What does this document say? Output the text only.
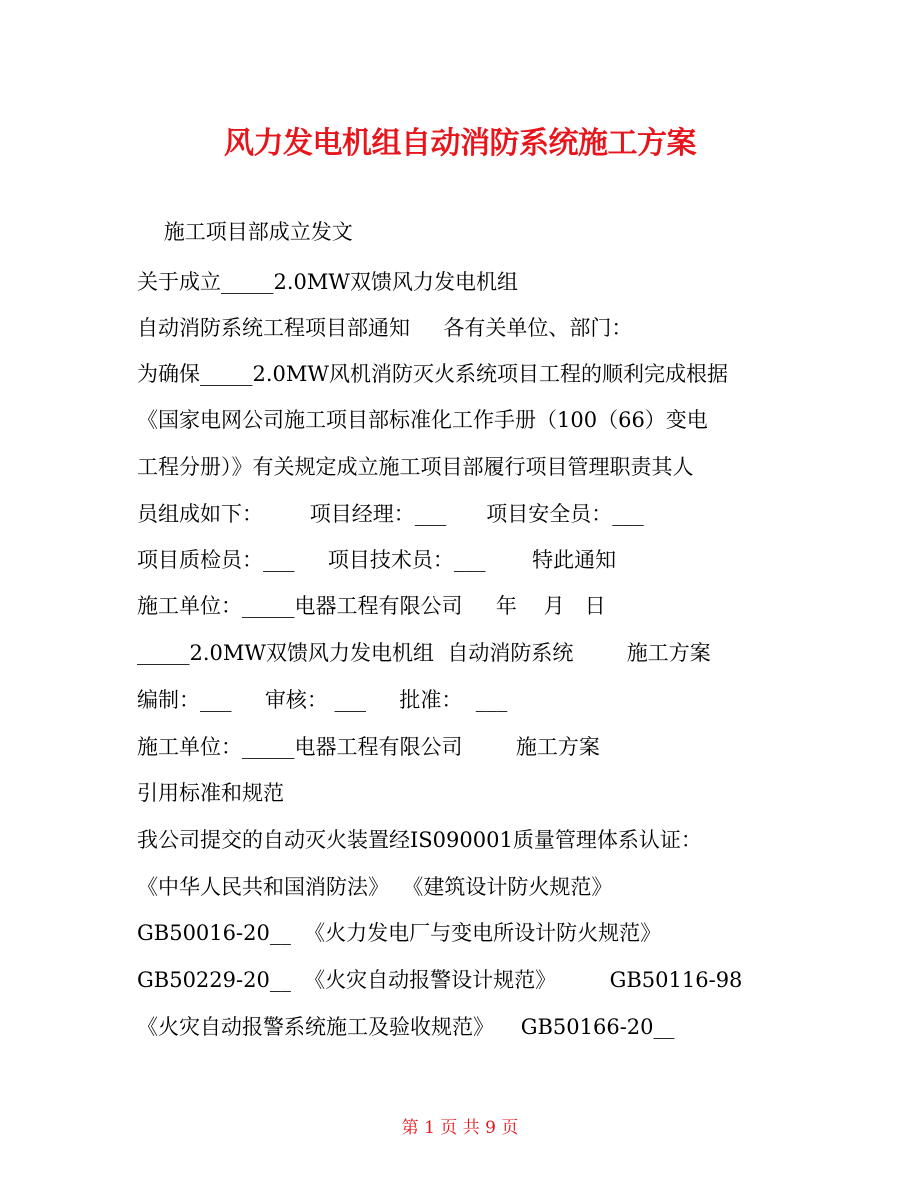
风力发电机组自动消防系统施工方案
施工项目部成立发文
关于成立_____2.0MW双馈风力发电机组
自动消防系统工程项目部通知     各有关单位、部门：
为确保_____2.0MW风机消防灭火系统项目工程的顺利完成根据
《国家电网公司施工项目部标准化工作手册（100（66）变电
工程分册）》有关规定成立施工项目部履行项目管理职责其人
员组成如下：       项目经理：___      项目安全员：___
项目质检员：___     项目技术员：___       特此通知
施工单位：_____电器工程有限公司     年    月   日
_____2.0MW双馈风力发电机组  自动消防系统        施工方案
编制：___     审核： ___     批准：  ___
施工单位：_____电器工程有限公司        施工方案
引用标准和规范
我公司提交的自动灭火装置经IS090001质量管理体系认证：
《中华人民共和国消防法》  《建筑设计防火规范》
GB50016-20__  《火力发电厂与变电所设计防火规范》
GB50229-20__  《火灾自动报警设计规范》        GB50116-98
《火灾自动报警系统施工及验收规范》    GB50166-20__
第 1 页 共 9 页
